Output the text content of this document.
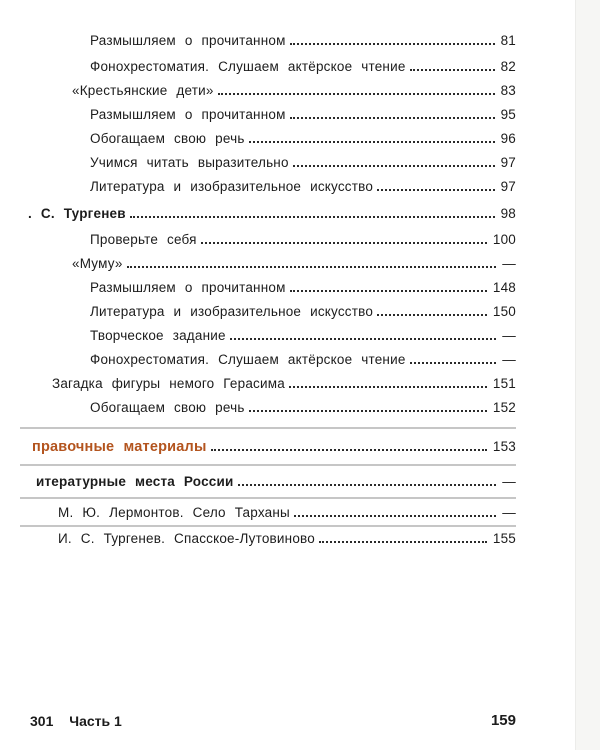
Размышляем о прочитанном	81
Фонохрестоматия. Слушаем актёрское чтение	82
«Крестьянские дети»	83
Размышляем о прочитанном	95
Обогащаем свою речь	96
Учимся читать выразительно	97
Литература и изобразительное искусство	97
. С. Тургенев	98
Проверьте себя	100
«Муму»	—
Размышляем о прочитанном	148
Литература и изобразительное искусство	150
Творческое задание	—
Фонохрестоматия. Слушаем актёрское чтение	—
Загадка фигуры немого Герасима	151
Обогащаем свою речь	152
правочные материалы	153
итературные места России	—
М. Ю. Лермонтов. Село Тарханы	—
И. С. Тургенев. Спасское-Лутовиново	155
301 Часть 1	159
